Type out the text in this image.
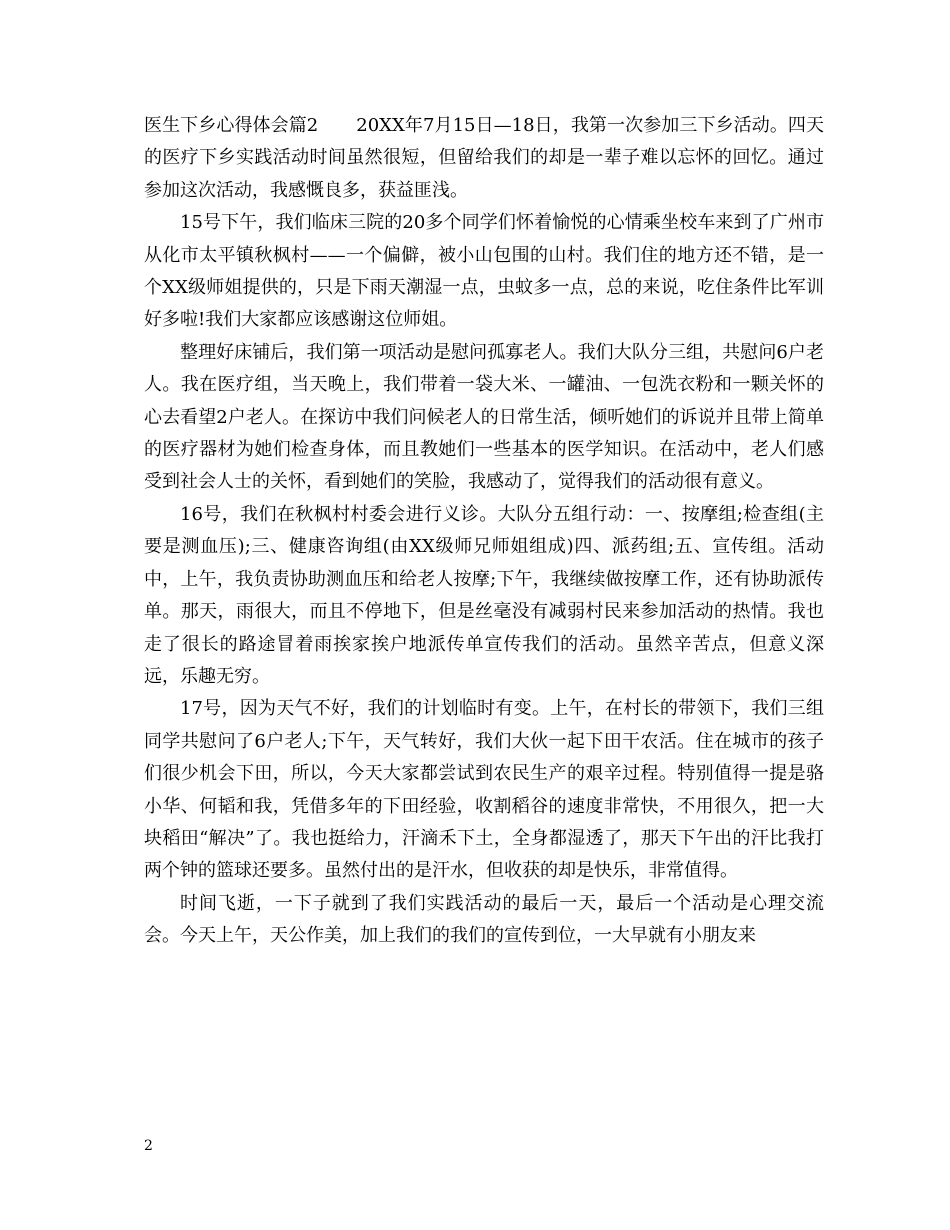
医生下乡心得体会篇2 20XX年7月15日—18日，我第一次参加三下乡活动。四天的医疗下乡实践活动时间虽然很短，但留给我们的却是一辈子难以忘怀的回忆。通过参加这次活动，我感慨良多，获益匪浅。

15号下午，我们临床三院的20多个同学们怀着愉悦的心情乘坐校车来到了广州市从化市太平镇秋枫村——一个偏僻，被小山包围的山村。我们住的地方还不错，是一个XX级师姐提供的，只是下雨天潮湿一点，虫蚊多一点，总的来说，吃住条件比军训好多啦!我们大家都应该感谢这位师姐。

整理好床铺后，我们第一项活动是慰问孤寡老人。我们大队分三组，共慰问6户老人。我在医疗组，当天晚上，我们带着一袋大米、一罐油、一包洗衣粉和一颗关怀的心去看望2户老人。在探访中我们问候老人的日常生活，倾听她们的诉说并且带上简单的医疗器材为她们检查身体，而且教她们一些基本的医学知识。在活动中，老人们感受到社会人士的关怀，看到她们的笑脸，我感动了，觉得我们的活动很有意义。

16号，我们在秋枫村村委会进行义诊。大队分五组行动：一、按摩组;检查组(主要是测血压);三、健康咨询组(由XX级师兄师姐组成)四、派药组;五、宣传组。活动中，上午，我负责协助测血压和给老人按摩;下午，我继续做按摩工作，还有协助派传单。那天，雨很大，而且不停地下，但是丝毫没有减弱村民来参加活动的热情。我也走了很长的路途冒着雨挨家挨户地派传单宣传我们的活动。虽然辛苦点，但意义深远，乐趣无穷。

17号，因为天气不好，我们的计划临时有变。上午，在村长的带领下，我们三组同学共慰问了6户老人;下午，天气转好，我们大伙一起下田干农活。住在城市的孩子们很少机会下田，所以，今天大家都尝试到农民生产的艰辛过程。特别值得一提是骆小华、何韬和我，凭借多年的下田经验，收割稻谷的速度非常快，不用很久，把一大块稻田“解决”了。我也挺给力，汗滴禾下土，全身都湿透了，那天下午出的汗比我打两个钟的篮球还要多。虽然付出的是汗水，但收获的却是快乐，非常值得。

时间飞逝，一下子就到了我们实践活动的最后一天，最后一个活动是心理交流会。今天上午，天公作美，加上我们的我们的宣传到位，一大早就有小朋友来

2
